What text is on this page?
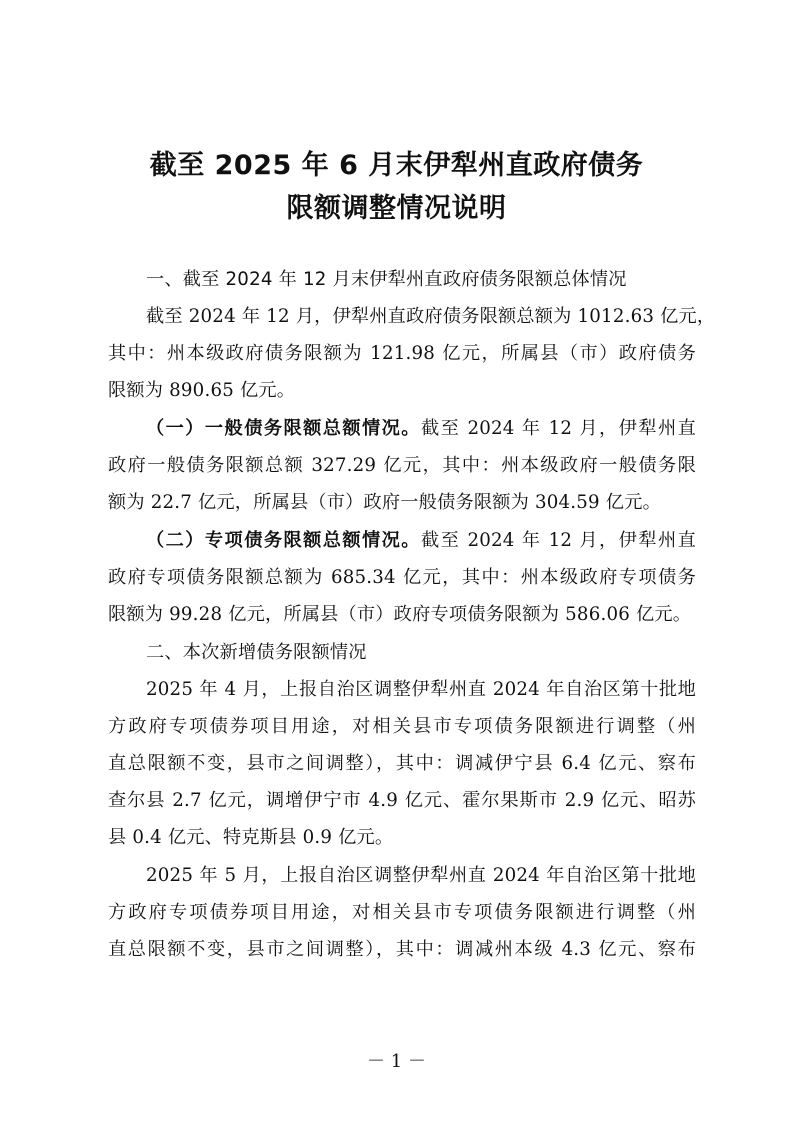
截至 2025 年 6 月末伊犁州直政府债务
限额调整情况说明
一、截至 2024 年 12 月末伊犁州直政府债务限额总体情况
截至 2024 年 12 月，伊犁州直政府债务限额总额为 1012.63 亿元，
其中：州本级政府债务限额为 121.98 亿元，所属县（市）政府债务
限额为 890.65 亿元。
（一）一般债务限额总额情况。截至 2024 年 12 月，伊犁州直
政府一般债务限额总额 327.29 亿元，其中：州本级政府一般债务限
额为 22.7 亿元，所属县（市）政府一般债务限额为 304.59 亿元。
（二）专项债务限额总额情况。截至 2024 年 12 月，伊犁州直
政府专项债务限额总额为 685.34 亿元，其中：州本级政府专项债务
限额为 99.28 亿元，所属县（市）政府专项债务限额为 586.06 亿元。
二、本次新增债务限额情况
2025 年 4 月，上报自治区调整伊犁州直 2024 年自治区第十批地
方政府专项债券项目用途，对相关县市专项债务限额进行调整（州
直总限额不变，县市之间调整），其中：调减伊宁县 6.4 亿元、察布
查尔县 2.7 亿元，调增伊宁市 4.9 亿元、霍尔果斯市 2.9 亿元、昭苏
县 0.4 亿元、特克斯县 0.9 亿元。
2025 年 5 月，上报自治区调整伊犁州直 2024 年自治区第十批地
方政府专项债券项目用途，对相关县市专项债务限额进行调整（州
直总限额不变，县市之间调整），其中：调减州本级 4.3 亿元、察布
－ 1 －
